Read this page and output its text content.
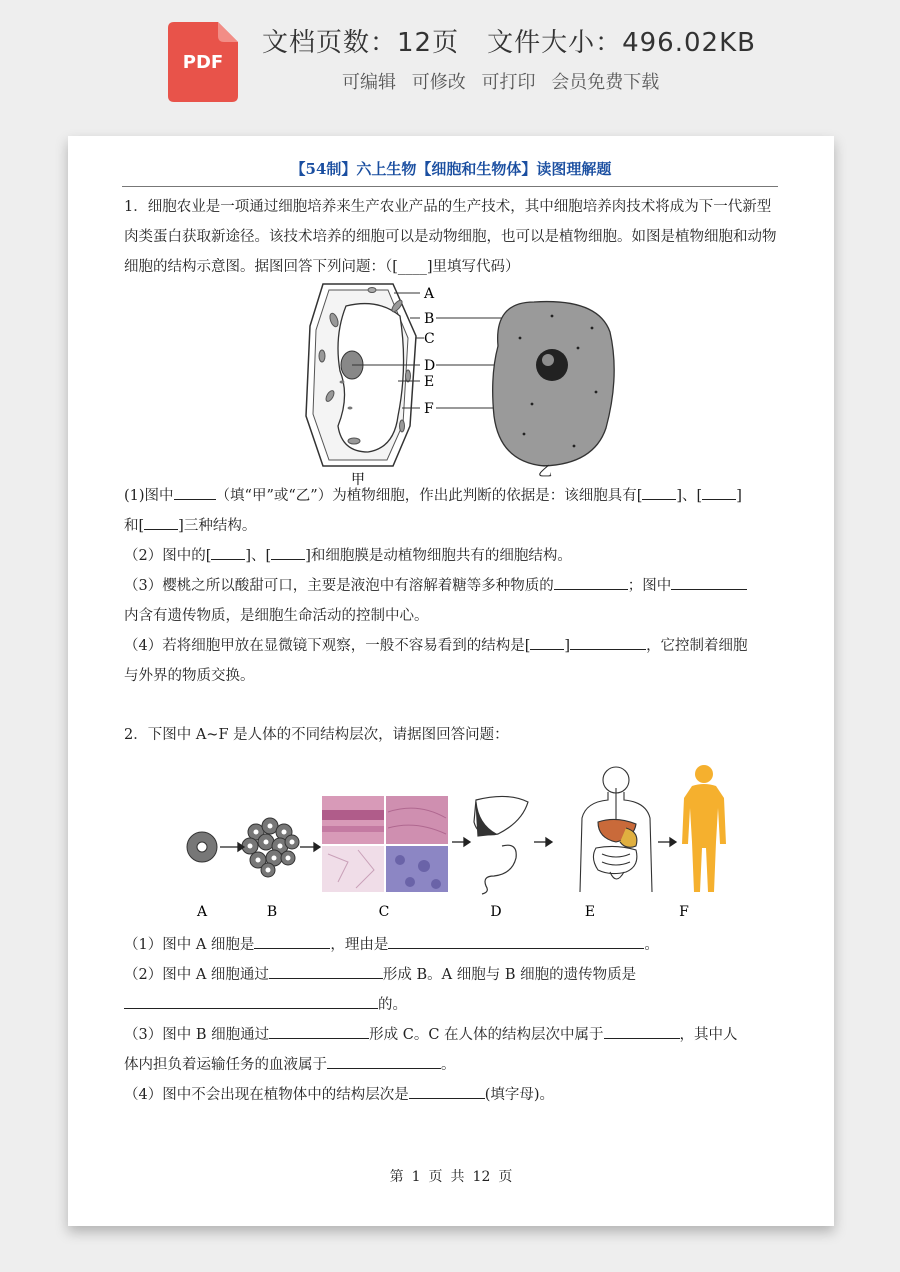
PDF
文档页数：12页 文件大小：496.02KB
可编辑 可修改 可打印 会员免费下载
【54制】六上生物【细胞和生物体】读图理解题
1．细胞农业是一项通过细胞培养来生产农业产品的生产技术，其中细胞培养肉技术将成为下一代新型肉类蛋白获取新途径。该技术培养的细胞可以是动物细胞，也可以是植物细胞。如图是植物细胞和动物细胞的结构示意图。据图回答下列问题：（[____]里填写代码）
A
B
C
D
E
F
甲	乙
(1)图中	（填“甲”或“乙”）为植物细胞，作出此判断的依据是：该细胞具有[ ]、[ ]
和[ ]三种结构。
（2）图中的[ ]、[ ]和细胞膜是动植物细胞共有的细胞结构。
（3）樱桃之所以酸甜可口，主要是液泡中有溶解着糖等多种物质的	；图中
内含有遗传物质，是细胞生命活动的控制中心。
（4）若将细胞甲放在显微镜下观察，一般不容易看到的结构是[ ]	，它控制着细胞
与外界的物质交换。
2．下图中 A~F 是人体的不同结构层次，请据图回答问题：
A	B	C	D	E	F
（1）图中 A 细胞是	，理由是	。
（2）图中 A 细胞通过	形成 B。A 细胞与 B 细胞的遗传物质是
的。
（3）图中 B 细胞通过	形成 C。C 在人体的结构层次中属于	，其中人
体内担负着运输任务的血液属于	。
（4）图中不会出现在植物体中的结构层次是	(填字母)。
第 1 页 共 12 页
